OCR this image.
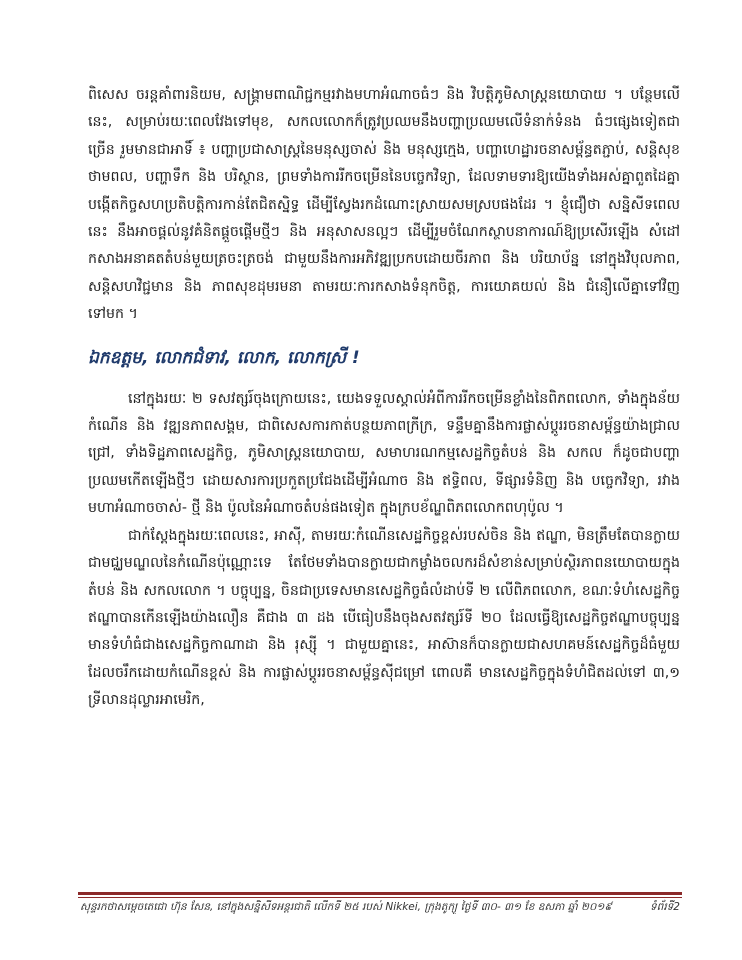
ពិសេស ចរន្តគាំពារនិយម, សង្គ្រាមពាណិជ្ជកម្មរវាងមហាអំណាចធំៗ និង វិបត្តិភូមិសាស្ត្រនយោបាយ ។ បន្ថែមលើនេះ, សម្រាប់រយៈពេលវែងទៅមុខ, សកលលោកក៏ត្រូវប្រឈមនឹងបញ្ហាប្រឈមលើទំនាក់ទំនង ធំៗផ្សេងទៀតជាច្រើន រួមមានជាអាទិ៍ ៖ បញ្ហាប្រជាសាស្ត្រនៃមនុស្សចាស់ និង មនុស្សក្មេង, បញ្ហាហេដ្ឋារចនាសម្ព័ន្ធតភ្ជាប់, សន្តិសុខថាមពល, បញ្ហាទឹក និង បរិស្ថាន, ព្រមទាំងការរីកចម្រើននៃបច្ចេកវិទ្យា, ដែលទាមទារឱ្យយើងទាំងអស់គ្នាពួតដៃគ្នាបង្កើតកិច្ចសហប្រតិបត្តិការកាន់តែជិតស្និទ្ធ ដើម្បីស្វែងរកដំណោះស្រាយសមស្របផងដែរ ។ ខ្ញុំជឿថា សន្និសីទពេលនេះ នឹងអាចផ្តល់នូវគំនិតផ្តួចផ្តើមថ្មីៗ និង អនុសាសនល្អៗ ដើម្បីរួមចំណែកស្ថាបនាការណ៍ឱ្យប្រសើរឡើង សំដៅកសាងអនាគតតំបន់មួយត្រចះត្រចង់ ជាមួយនឹងការអភិវឌ្ឍប្រកបដោយចីរភាព និង បរិយាប័ន្ន នៅក្នុងវិបុលភាព, សន្តិសហវិជ្ជមាន និង ភាពសុខដុមរមនា តាមរយៈការកសាងទំនុកចិត្ត, ការយោគយល់ និង ជំនឿលើគ្នាទៅវិញទៅមក ។

ឯកឧត្តម, លោកជំទាវ, លោក, លោកស្រី !

នៅក្នុងរយៈ ២ ទសវត្សរ៍ចុងក្រោយនេះ, យេងទទួលស្គាល់អំពីការរីកចម្រើនខ្លាំងនៃពិភពលោក, ទាំងក្នុងន័យកំណើន និង វឌ្ឍនភាពសង្គម, ជាពិសេសការកាត់បន្ថយភាពក្រីក្រ, ទន្ទឹមគ្នានឹងការផ្លាស់ប្តូររចនាសម្ព័ន្ធយ៉ាងជ្រាលជ្រៅ, ទាំងទិដ្ឋភាពសេដ្ឋកិច្ច, ភូមិសាស្ត្រនយោបាយ, សមាហរណកម្មសេដ្ឋកិច្ចតំបន់ និង សកល ក៏ដូចជាបញ្ហាប្រឈមកើតឡើងថ្មីៗ ដោយសារការប្រកួតប្រជែងដើម្បីអំណាច និង ឥទ្ធិពល, ទីផ្សារទំនិញ និង បច្ចេកវិទ្យា, រវាងមហាអំណាចចាស់- ថ្មី និង ប៉ូលនៃអំណាចតំបន់ផងទៀត ក្នុងក្របខ័ណ្ឌពិភពលោកពហុប៉ូល ។

ជាក់ស្តែងក្នុងរយៈពេលនេះ, អាស៊ី, តាមរយៈកំណើនសេដ្ឋកិច្ចខ្ពស់របស់ចិន និង ឥណ្ឌា, មិនត្រឹមតែបានក្លាយជាមជ្ឈមណ្ឌលនៃកំណើនប៉ុណ្ណោះទេ តែថែមទាំងបានក្លាយជាកម្លាំងចលករដ៏សំខាន់សម្រាប់ស្ថិរភាពនយោបាយក្នុងតំបន់ និង សកលលោក ។ បច្ចុប្បន្ន, ចិនជាប្រទេសមានសេដ្ឋកិច្ចធំលំដាប់ទី ២ លើពិភពលោក, ខណៈទំហំសេដ្ឋកិច្ចឥណ្ឌាបានកើនឡើងយ៉ាងលឿន គឺជាង ៣ ដង បើធៀបនឹងចុងសតវត្សរ៍ទី ២០ ដែលធ្វើឱ្យសេដ្ឋកិច្ចឥណ្ឌាបច្ចុប្បន្ន មានទំហំធំជាងសេដ្ឋកិច្ចកាណាដា និង រុស្ស៊ី ។ ជាមួយគ្នានេះ, អាស៊ានក៏បានក្លាយជាសហគមន៍សេដ្ឋកិច្ចដ៏ធំមួយ ដែលចរឹកដោយកំណើនខ្ពស់ និង ការផ្លាស់ប្តូររចនាសម្ព័ន្ធស៊ីជម្រៅ ពោលគឺ មានសេដ្ឋកិច្ចក្នុងទំហំជិតដល់ទៅ ៣,១ ទ្រីលានដុល្លារអាមេរិក,

សុន្ទរកថាសម្តេចតេជោ ហ៊ុន សែន, នៅក្នុងសន្និសីទអន្តរជាតិ លើកទី ២៥ របស់ Nikkei, ក្រុងតូក្យូ ថ្ងៃទី ៣០- ៣១ ខែ ឧសភា ឆ្នាំ ២០១៩	ទំព័រទី2
